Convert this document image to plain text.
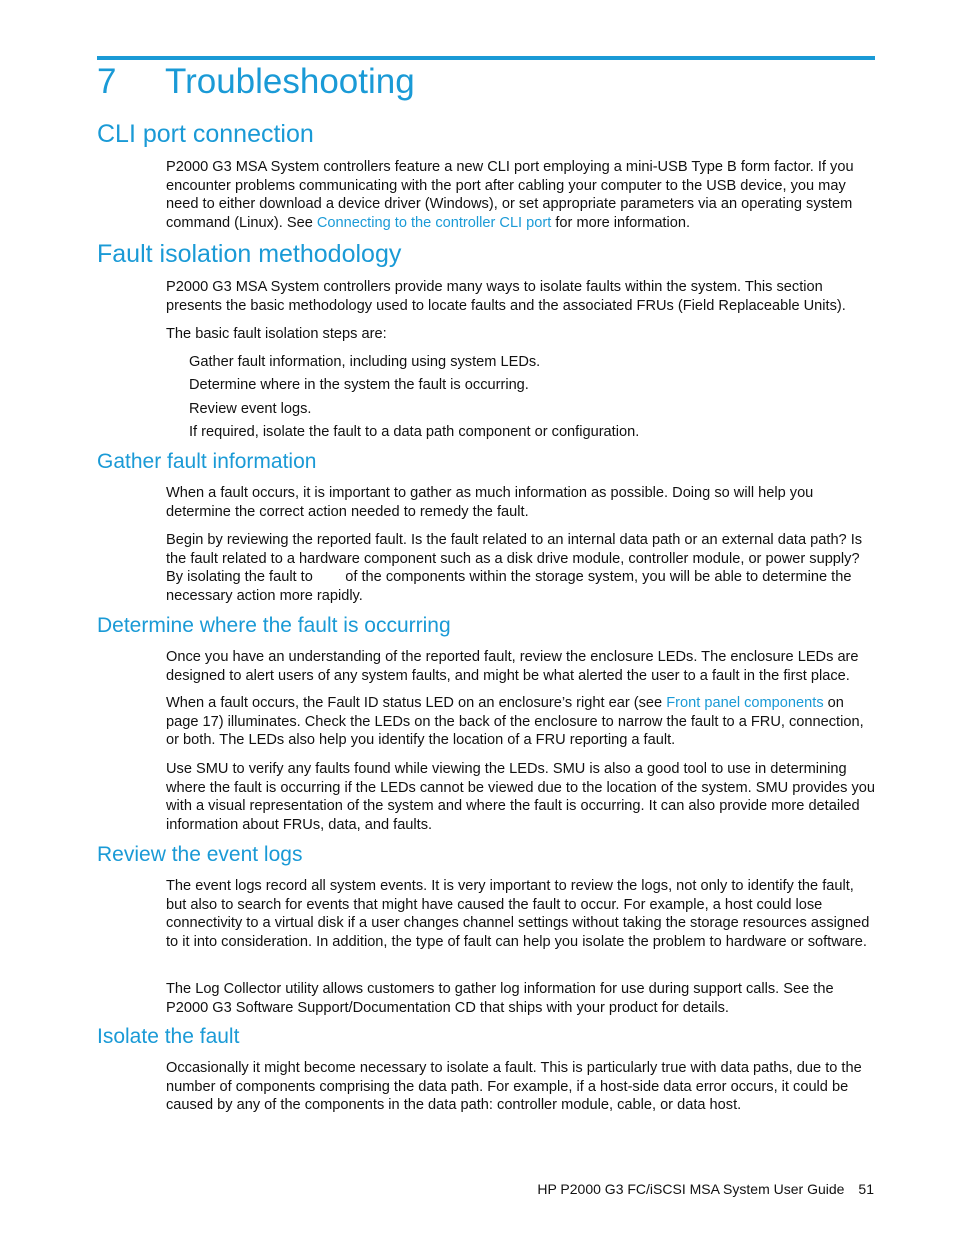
7 Troubleshooting
CLI port connection

P2000 G3 MSA System controllers feature a new CLI port employing a mini-USB Type B form factor. If you encounter problems communicating with the port after cabling your computer to the USB device, you may need to either download a device driver (Windows), or set appropriate parameters via an operating system command (Linux). See Connecting to the controller CLI port for more information.

Fault isolation methodology

P2000 G3 MSA System controllers provide many ways to isolate faults within the system. This section presents the basic methodology used to locate faults and the associated FRUs (Field Replaceable Units).

The basic fault isolation steps are:

Gather fault information, including using system LEDs.

Determine where in the system the fault is occurring.

Review event logs.

If required, isolate the fault to a data path component or configuration.

Gather fault information

When a fault occurs, it is important to gather as much information as possible. Doing so will help you determine the correct action needed to remedy the fault.

Begin by reviewing the reported fault. Is the fault related to an internal data path or an external data path? Is the fault related to a hardware component such as a disk drive module, controller module, or power supply? By isolating the fault to        of the components within the storage system, you will be able to determine the necessary action more rapidly.

Determine where the fault is occurring

Once you have an understanding of the reported fault, review the enclosure LEDs. The enclosure LEDs are designed to alert users of any system faults, and might be what alerted the user to a fault in the first place.

When a fault occurs, the Fault ID status LED on an enclosure’s right ear (see Front panel components on page 17) illuminates. Check the LEDs on the back of the enclosure to narrow the fault to a FRU, connection, or both. The LEDs also help you identify the location of a FRU reporting a fault.

Use SMU to verify any faults found while viewing the LEDs. SMU is also a good tool to use in determining where the fault is occurring if the LEDs cannot be viewed due to the location of the system. SMU provides you with a visual representation of the system and where the fault is occurring. It can also provide more detailed information about FRUs, data, and faults.

Review the event logs

The event logs record all system events. It is very important to review the logs, not only to identify the fault, but also to search for events that might have caused the fault to occur. For example, a host could lose connectivity to a virtual disk if a user changes channel settings without taking the storage resources assigned to it into consideration. In addition, the type of fault can help you isolate the problem to hardware or software.

The Log Collector utility allows customers to gather log information for use during support calls. See the P2000 G3 Software Support/Documentation CD that ships with your product for details.

Isolate the fault

Occasionally it might become necessary to isolate a fault. This is particularly true with data paths, due to the number of components comprising the data path. For example, if a host-side data error occurs, it could be caused by any of the components in the data path: controller module, cable, or data host.

HP P2000 G3 FC/iSCSI MSA System User Guide 51
